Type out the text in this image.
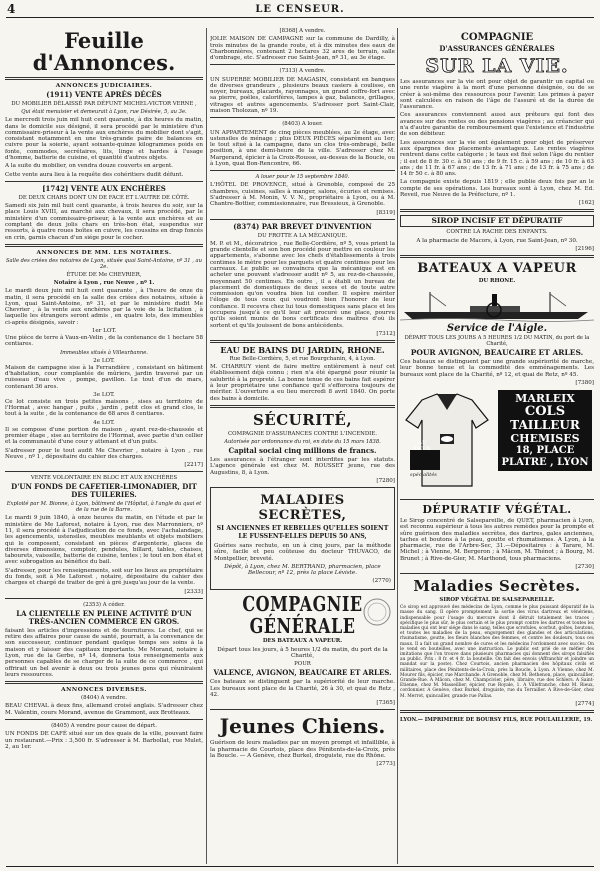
4	LE CENSEUR.
Feuille d'Annonces.
ANNONCES JUDICIAIRES.
(1911) VENTE APRÈS DÉCÈS
DU MOBILIER DÉLAISSÉ PAR DÉFUNT MICHEL-VICTOR VERNE ,
Qui était menuisier et demeurait à Lyon, rue Désirée, 5, au 3e.

Le mercredi trois juin mil huit cent quarante, à dix heures du matin, dans le domicile sus désigné, il sera procédé par le ministère d'un commissaire-priseur à la vente aux enchères du mobilier dont s'agit, consistant notamment en une très-grande paire de balances en cuivre pour la soierie, ayant soixante-quinze kilogrammes poids en fonte, commodes, secrétaires, lits, linge et hardes à l'usage d'homme, batterie de cuisine, et quantité d'autres objets.

A la suite du mobilier, on vendra douze couverts en argent.

Cette vente aura lieu à la requête des cohéritiers dudit défunt.

[1742] VENTE AUX ENCHÈRES
DE DEUX CHARS DONT UN DE FACE ET L'AUTRE DE CÔTÉ.

Samedi six juin mil huit cent quarante, à trois heures du soir, sur la place Louis XVIII, au marché aux chevaux, il sera procédé, par le ministère d'un commissaire-priseur, à la vente aux enchères et au comptant de deux jolis chars en très-bon état, suspendus sur ressorts, à quatre roues boîtes en cuivre, les coussins en drap foncés en crin, garnis chacun d'un siége pour le cocher.

ANNONCES DE MM. LES NOTAIRES.
Salle des criées des notaires de Lyon, située quai Saint-Antoine, nº 31 , au 2e.
ÉTUDE DE Me CHEVRIER,
Notaire à Lyon , rue Neuve , nº 1.

Le mardi deux juin mil huit cent quarante , à l'heure de onze du matin, il sera procédé en la salle des criées des notaires, située à Lyon, quai Saint-Antoine, nº 31, et par le ministère dudit Me Chevrier , à la vente aux enchères par la voie de la licitation , à laquelle les étrangers seront admis , en quatre lots, des immeubles ci-après désignés, savoir :

1er LOT.

Une pièce de terre à Vaux-en-Velin , de la contenance de 1 hectare 58 centiares.

Immeubles situés à Villeurbanne.
2e LOT.

Maison de campagne sise à la Ferrandière , consistant en bâtiment d'habitation, cour complantée de mûriers, jardin traversé par un ruisseau d'eau vive , pompe, pavillon. Le tout d'un de mars, contenant 36 ares.

3e LOT.

Ce lot consiste en trois petites maisons , sises au territoire de l'Hormat , avec hangar , puits , jardin , petit clos et grand clos, le tout à la suite , de la contenance de 68 ares 8 centiares.

4e LOT.

Il se compose d'une portion de maison , ayant rez-de-chaussée et premier étage , sise au territoire de l'Hormat, avec partie d'un cellier et la communauté d'une cour y attenant et d'un puits.

S'adresser pour le tout audit Me Chevrier , notaire à Lyon , rue Neuve , nº 1 , dépositaire du cahier des charges.

[2217]
VENTE VOLONTAIRE EN BLOC ET AUX ENCHÈRES
D'UN FONDS DE CAFETIER-LIMONADIER, DIT DES TUILERIES.
Exploité par M. Bionne, à Lyon, bâtiment de l'Hôpital, à l'angle du quai et de la rue de la Barre.

Le mardi 9 juin 1840, à onze heures du matin, en l'étude et par le ministère de Me Laforest, notaire à Lyon, rue des Marronniers, nº 11, il sera procédé à l'adjudication de ce fonds, avec l'achalandage, les agencements, ustensiles, meubles meublants et objets mobiliers qui le composent, consistant en pièces d'argenterie, glaces de diverses dimensions, comptoir, pendules, billard, tables, chaises, tabourets, vaisselle, batterie de cuisine, tentes ; le tout en bon état et avec subrogation au bénéfice du bail.

S'adresser, pour les renseignements, soit sur les lieux au propriétaire du fonds, soit à Me Laforest , notaire, dépositaire du cahier des charges et chargé de traiter de gré à gré jusqu'au jour de la vente.

[2333]
(2353) A céder.
LA CLIENTELLE EN PLEINE ACTIVITÉ D'UN TRÈS-ANCIEN COMMERCE EN GROS.

faisant les articles d'impressions et de fournitures. Le chef, qui se retire des affaires pour cause de santé, pourrait, à la convenance de son successeur, continuer pendant quelque temps ses soins à la maison et y laisser des capitaux importants. Me Morand, notaire à Lyon, rue de la Gerbe, nº 14, donnera tous renseignements aux personnes capables de se charger de la suite de ce commerce , qui offrirait un bel avenir à deux ou trois jeunes gens qui réuniraient leurs ressources.

ANNONCES DIVERSES.
(8404) A vendre.

BEAU CHEVAL à deux fins, allemand croisé anglais. S'adresser chez M. Valentin, cours Morand, avenue de Grammont, aux Brotteaux.

(8405) A vendre pour cause de départ.

UN FONDS DE CAFÉ situé sur un des quais de la ville, pouvant faire un restaurant.—Prix : 3,500 fr. S'adresser à M. Barbollat, rue Mulet, 2, au 1er.

[8368] A vendre.

JOLIE MAISON DE CAMPAGNE sur la commune de Dardilly, à trois minutes de la grande route, et à dix minutes des eaux de Charbonnières, contenant 2 hectares 32 ares de terrain, salle d'ombrage, etc. S'adresser rue Saint-Jean, nº 31, au 3e étage.

(7313) A vendre.

UN SUPERBE MOBILIER DE MAGASIN, consistant en banques de diverses grandeurs , plusieurs beaux casiers à coulisse, en noyer, bureaux, placards, rayonnages, un grand coffre-fort avec sa pierre, poêles, calorifères, lampes à gaz, balances, grillages, vitrages et autres agencements. S'adresser port Saint-Clair, maison Tholozan, nº 19.

(8403) A louer.

UN APPARTEMENT de cinq pièces meublées, au 2e étage, avec ustensiles de ménage ; plus DEUX PIÈCES séparément au 1er; le tout situé à la campagne, dans un clos très-ombragé, belle position, à une demi-heure de la ville. S'adresser chez M. Margerand, épicier à la Croix-Rousse, au-dessus de la Boucle, ou à Lyon, quai Bon-Rencontre, 66.

A louer pour le 15 septembre 1840.

L'HÔTEL DE PROVENCE, situé à Grenoble, composé de 25 chambres, cuisines, salles à manger, salons, écuries et remises. S'adresser à M. Monin, V. V. N., propriétaire à Lyon, ou à M. Chantre-Bottier, commissionnaire, rue Bressieux, à Grenoble.

[8319]
(8374) PAR BREVET D'INVENTION
DU FROTTE A LA MÉCANIQUE.

M. P. et M., décoratrice , rue Belle-Cordière, nº 5, vous prient la grande clientelle et son bon procédé pour mettre en couleur les appartements, s'abonne avec les chefs d'établissements à trois centimes le mètre pour les parquets et quatre centimes pour les carreaux. Le public se convaincra que la mécanique est en acheter une pouvant s'adresser audit nº 5, au rez-de-chaussée, moyennant 50 centimes. En outre , il a établi un bureau de placement de domestiques de deux sexes et de toute autre commission qu'on voudra bien lui confier. Il espère mériter l'éloge de tous ceux qui voudront bien l'honorer de leur confiance. Il recevra chez lui tous domestiques sans place et les occupera jusqu'à ce qu'il leur ait procuré une place, pourvu qu'ils soient munis de bons certificats des maîtres d'où ils sortent et qu'ils jouissent de bons antécédents.

[7312]
EAU DE BAINS DU JARDIN, RHONE.
Rue Belle-Cordière, 5, et rue Bourgchanin, 4, à Lyon.

M. CHARRUY vient de faire mettre entièrement à neuf cet établissement déjà connu ; rien n'a été épargné pour réunir la salubrité à la propreté. La bonne tenue de ces bains fait espérer à leur propriétaire une confiance qu'il s'efforcera toujours de mériter. L'ouverture a eu lieu mercredi 8 avril 1840. On porte des bains à domicile.

SÉCURITÉ,
COMPAGNIE D'ASSURANCES CONTRE L'INCENDIE.
Autorisée par ordonnance du roi, en date du 15 mars 1838.
Capital social cinq millions de francs.

Les assurances à l'étranger sont interdites par les statuts. L'agence générale est chez M. ROUSSET jeune, rue des Augustins, 8, à Lyon.

[7280]
MALADIES SECRÈTES,
SI ANCIENNES ET REBELLES QU'ELLES SOIENT LE FUSSENT-ELLES DEPUIS 50 ANS,

Guéries sans rechute, en un à cinq jours, par la méthode sûre, facile et peu coûteuse du docteur THUVACO, de Montpellier, breveté.

Dépôt, à Lyon, chez M. BERTRAND, pharmacien, place Bellecour, nº 12, près la place Léviste.

(2770)
COMPAGNIE GÉNÉRALE
DES BATEAUX A VAPEUR.

Départ tous les jours, à 5 heures 1/2 du matin, du port de la Charité,

POUR
VALENCE, AVIGNON, BEAUCAIRE ET ARLES.

Ces bateaux se distinguent par la supériorité de leur marche. Les bureaux sont place de la Charité, 26 à 30, et quai de Retz , 42.

[7365]
Jeunes Chiens.

Guérison de leurs maladies par un moyen prompt et infaillible, à la pharmacie de Courtois, place des Pénitents-de-la-Croix, près la Boucle. — A Genève, chez Burkel, droguiste, rue du Rhône.

[2773]
COMPAGNIE
D'ASSURANCES GÉNÉRALES
SUR LA VIE.

Les assurances sur la vie ont pour objet de garantir un capital ou une rente viagère à la mort d'une personne désignée, ou de se créer à soi-même des ressources pour l'avenir. Les primes à payer sont calculées en raison de l'âge de l'assuré et de la durée de l'assurance.

Ces assurances conviennent aussi aux préteurs qui font des avances sur des rentes ou des pensions viagères ; au créancier qui n'a d'autre garantie de remboursement que l'existence et l'industrie de son débiteur.

Les assurances sur la vie ont également pour objet de préserver aux épargnes des placements avantageux. Les rentes viagères rentrent dans cette catégorie ; le taux est fixé selon l'âge du rentier ; il est de 8 fr. 30 c. à 50 ans ; de 9 fr. 15 c. à 59 ans ; de 10 fr. à 63 ans ; de 11 fr. à 67 ans ; de 13 fr. à 71 ans ; de 13 fr. à 75 ans ; de 14 fr 50 c. à 80 ans.

La compagnie existe depuis 1819 ; elle publie deux fois par an le compte de ses opérations. Les bureaux sont à Lyon, chez M. Ed. Reveil, rue Neuve de la Préfecture, nº 1.

[162]
SIROP INCISIF ET DÉPURATIF
CONTRE LA RACHE DES ENFANTS.

A la pharmacie de Macors, à Lyon, rue Saint-Jean, nº 30.

[2196]
BATEAUX A VAPEUR
DU RHONE.
Service de l'Aigle.
DÉPART TOUS LES JOURS A 5 HEURES 1/2 DU MATIN, du port de la Charité,
POUR AVIGNON, BEAUCAIRE ET ARLES.

Ces bateaux se distinguent par une grande supériorité de marche, leur bonne tenue et la commodité des emménagements. Les bureaux sont place de la Charité, nº 12, et quai de Retz, nº 45.

[7380]
AU
DEUX
spécialités
MARLEIX
COLS
TAILLEUR
CHEMISES
18, PLACE
PLATRE , LYON
DÉPURATIF VÉGÉTAL.

Le Sirop concentré de Salsepareille, de QUET, pharmacien à Lyon, est reconnu supérieur à tous les autres remèdes pour la prompte et sûre guérison des maladies secrètes, des dartres, gales anciennes, taches et boutons à la peau, goutte et rhumatismes. A Lyon, à la pharmacie, rue de l'Arbre-Sec, 31.—Dépositaires : à Tarare, M. Michel ; à Vienne, M. Bergeron ; à Mâcon, M. Thénot ; à Bourg, M. Brunet ; à Rive-de-Gier, M. Marthond, tous pharmaciens.

[2730]
Maladies Secrètes.
SIROP VÉGÉTAL DE SALSEPAREILLE.

Ce sirop est approuvé des médecins de Lyon, comme le plus puissant dépuratif de la masse du sang. Il opère promptement la sortie des virus dartreux et vénériens, indispensable pour l'usage du mercure dont il détruit totalement les traces ; spécifique le plus sûr, le plus certain et le plus prompt contre les dartres et toutes les maladies qui ont leur siége dans le sang, telles que scrofules, scorbut, goîtes, boutons, et toutes les maladies de la peau, engorgement des glandes et des articulations, rhumatisme, goutte, les fleurs blanches des femmes, et contre les douleurs, tous ces maux. Il a fait un grand nombre de cures et les médecins l'ordonnent avec succès. On le vend en bouteilles, avec une instruction. Le public est prié de se méfier des imitations que l'on trouve dans plusieurs pharmacies qui donnent des sirops falsifiés au public. Prix : 8 fr. et 4 fr. la bouteille. On fait des envois (Affranchir et joindre un mandat sur la poste). Chez Courtois, ancien pharmacien des hôpitaux civils et militaires, place des Pénitents-de-la-Croix, près la Boucle, à Lyon. A Vienne, chez M. Mourer fils, épicier, rue Marchande. A Grenoble, chez M. Bethenon, place, quincaillier, Grande-Rue. A Mâcon, chez M. Champcivier, père, libraire, rue des Schlers. A Saint-Etienne, chez M. Masseillier, épicier, rue Royale, 1. A Villefranche, chez M. Rieux, cordonnier. A Genève, chez Burkel, droguiste, rue du Terrailler. A Rive-de-Gier, chez M. Merrot, quincailler, grande rue Pallas.

[2774]
LYON.— IMPRIMERIE DE BOURSY FILS, RUE POULAILLERIE, 19.
